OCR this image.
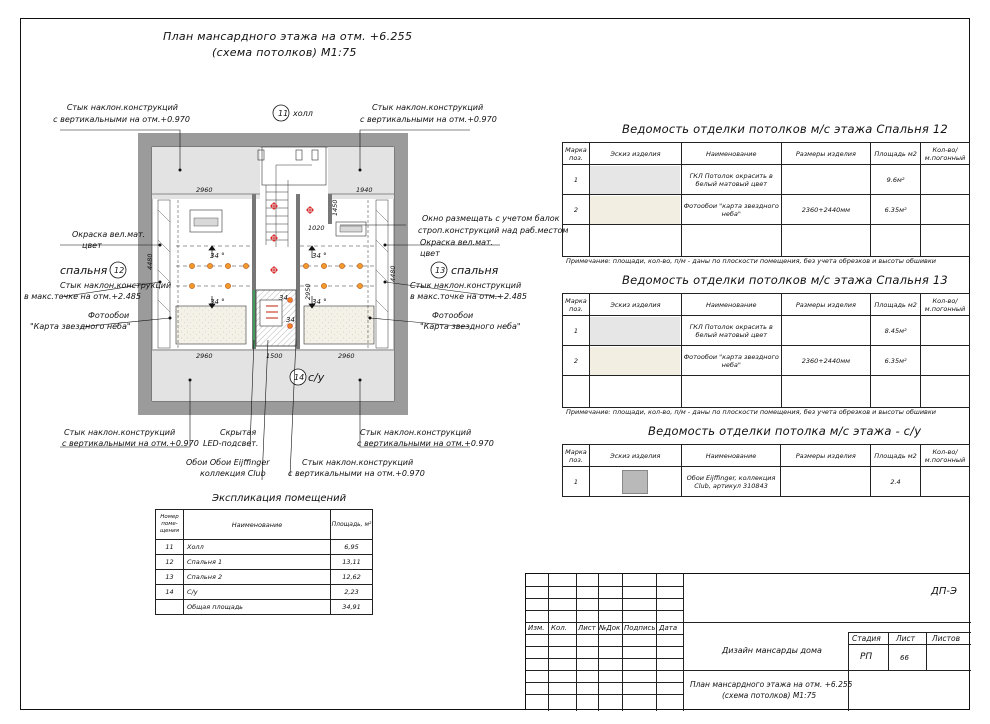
План мансардного этажа на отм. +6.255
(схема потолков) М1:75
11 холл
спальня 12	13 спальня
14 с/у
2960	1940
1020
2960	1500	2960
4480
4480
2950
1450
34 °
34 °
34 °
34 °
34
34
Стык наклон.конструкций
с вертикальными на отм.+0.970
Стык наклон.конструкций
с вертикальными на отм.+0.970
Окно размещать с учетом балок
строп.конструкций над раб.местом
Окраска вел.мат.
цвет	Окраска вел.мат.
цвет
Стык наклон.конструкций
в макс.точке на отм.+2.485
Стык наклон.конструкций
в макс.точке на отм.+2.485
Фотообои
"Карта звездного неба"
Фотообои
"Карта звездного неба"
Стык наклон.конструкций
с вертикальными на отм.+0.970
Стык наклон.конструкций
с вертикальными на отм.+0.970
Скрытая
LED-подсвет.
Обои Обои Eijffinger
коллекция Club
Стык наклон.конструкций
с вертикальными на отм.+0.970
Ведомость отделки потолков м/с этажа Спальня 12
Марка поз.	Эскиз изделия	Наименование	Размеры изделия	Площадь м2	Кол-во/ м.погонный
1		ГКЛ Потолок окрасить в белый матовый цвет		9.6м²	
2		Фотообои "карта звездного неба"	2360+2440мм	6.35м²	

Примечание: площади, кол-во, п/м - даны по плоскости помещения, без учета обрезков и высоты обшивки
Ведомость отделки потолков м/с этажа Спальня 13
Марка поз.	Эскиз изделия	Наименование	Размеры изделия	Площадь м2	Кол-во/ м.погонный
1		ГКЛ Потолок окрасить в белый матовый цвет		8.45м²	
2		Фотообои "карта звездного неба"	2360+2440мм	6.35м²	

Примечание: площади, кол-во, п/м - даны по плоскости помещения, без учета обрезков и высоты обшивки
Ведомость отделки потолка м/с этажа - с/у
Марка поз.	Эскиз изделия	Наименование	Размеры изделия	Площадь м2	Кол-во/ м.погонный
1		Обои Eijffinger, коллекция Club, артикул 310843		2.4	
Экспликация помещений
Номер поме- щения	Наименование	Площадь, м²
11	Холл	6,95
12	Спальня 1	13,11
13	Спальня 2	12,62
14	С/у	2,23
	Общая площадь	34,91
ДП-Э
Изм. Кол. Лист №Док Подпись Дата
Дизайн мансарды дома
Стадия Лист Листов
РП	66
План мансардного этажа на отм. +6.255
(схема потолков) М1:75
